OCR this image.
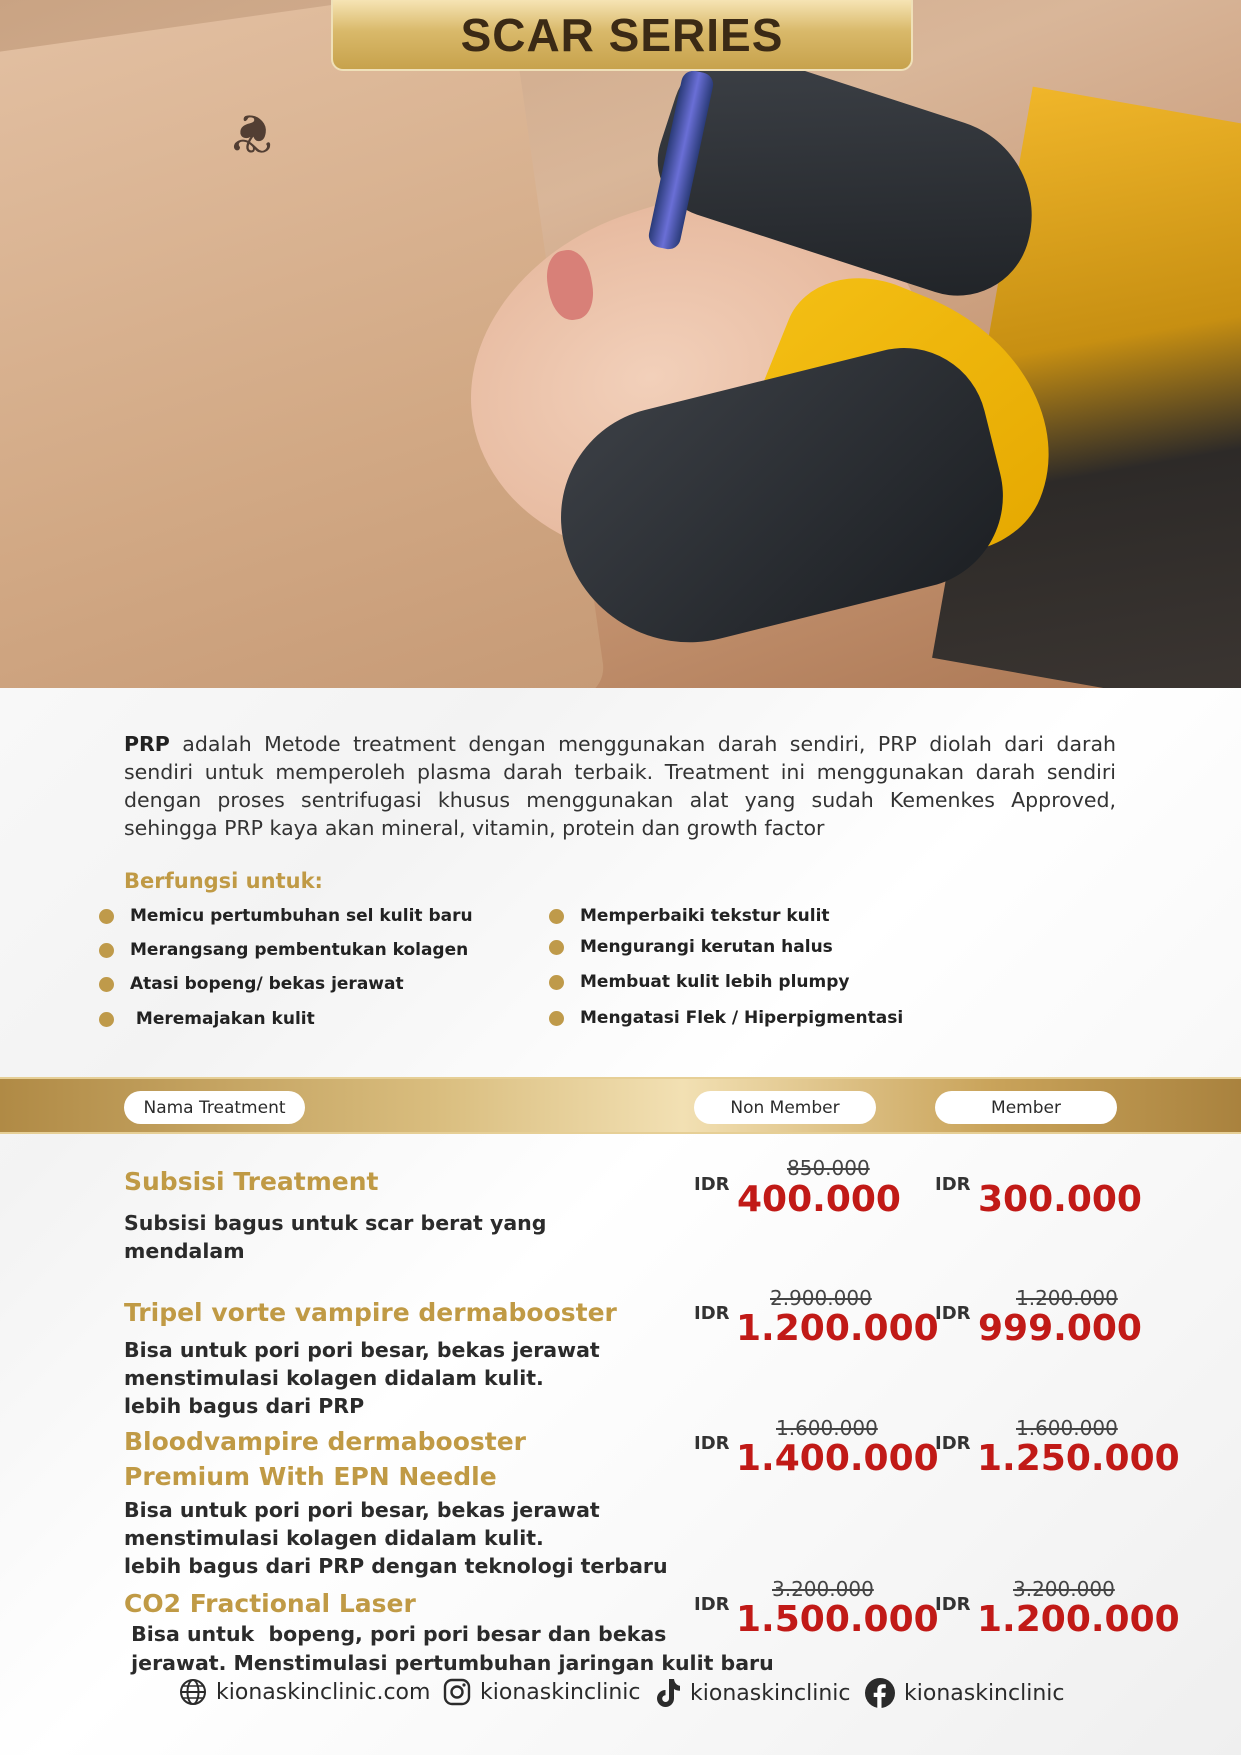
❦
SCAR SERIES

PRP adalah Metode treatment dengan menggunakan darah sendiri, PRP diolah dari darah sendiri untuk memperoleh plasma darah terbaik. Treatment ini menggunakan darah sendiri dengan proses sentrifugasi khusus menggunakan alat yang sudah Kemenkes Approved, sehingga PRP kaya akan mineral, vitamin, protein dan growth factor

Berfungsi untuk:
Memicu pertumbuhan sel kulit baru
Merangsang pembentukan kolagen
Atasi bopeng/ bekas jerawat
Meremajakan kulit
Memperbaiki tekstur kulit
Mengurangi kerutan halus
Membuat kulit lebih plumpy
Mengatasi Flek / Hiperpigmentasi
Nama Treatment	Non Member	Member
Subsisi Treatment
Subsisi bagus untuk scar berat yang
mendalam
IDR
850.000
400.000 IDR 300.000
Tripel vorte vampire dermabooster
Bisa untuk pori pori besar, bekas jerawat
menstimulasi kolagen didalam kulit.
lebih bagus dari PRP
IDR
2.900.000
1.200.000
IDR
1.200.000
999.000
Bloodvampire dermabooster
Premium With EPN Needle
Bisa untuk pori pori besar, bekas jerawat
menstimulasi kolagen didalam kulit.
lebih bagus dari PRP dengan teknologi terbaru
IDR
1.600.000
1.400.000
IDR
1.600.000
1.250.000
CO2 Fractional Laser
Bisa untuk  bopeng, pori pori besar dan bekas
jerawat. Menstimulasi pertumbuhan jaringan kulit baru
IDR
3.200.000
1.500.000
IDR
3.200.000
1.200.000
kionaskinclinic.com kionaskinclinic kionaskinclinic kionaskinclinic
